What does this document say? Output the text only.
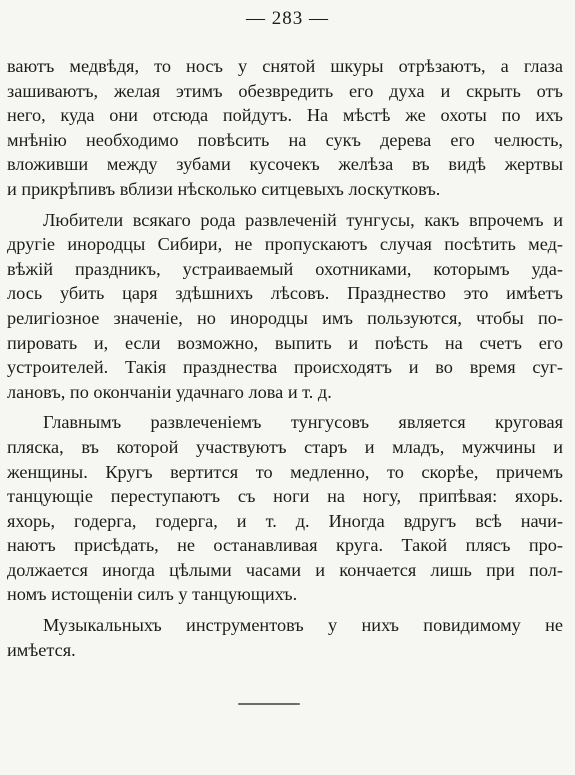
— 283 —
ваютъ медвѣдя, то носъ у снятой шкуры отрѣзаютъ, а глаза
зашиваютъ, желая этимъ обезвредить его духа и скрыть отъ
него, куда они отсюда пойдутъ. На мѣстѣ же охоты по ихъ
мнѣнію необходимо повѣсить на сукъ дерева его челюсть,
вложивши между зубами кусочекъ желѣза въ видѣ жертвы
и прикрѣпивъ вблизи нѣсколько ситцевыхъ лоскутковъ.
Любители всякаго рода развлеченій тунгусы, какъ впрочемъ и
другіе инородцы Сибири, не пропускаютъ случая посѣтить мед-
вѣжій праздникъ, устраиваемый охотниками, которымъ уда-
лось убить царя здѣшнихъ лѣсовъ. Празднество это имѣетъ
религіозное значеніе, но инородцы имъ пользуются, чтобы по-
пировать и, если возможно, выпить и поѣсть на счетъ его
устроителей. Такія празднества происходятъ и во время суг-
лановъ, по окончаніи удачнаго лова и т. д.
Главнымъ развлеченіемъ тунгусовъ является круговая
пляска, въ которой участвуютъ старъ и младъ, мужчины и
женщины. Кругъ вертится то медленно, то скорѣе, причемъ
танцующіе переступаютъ съ ноги на ногу, припѣвая: яхорь.
яхорь, годерга, годерга, и т. д. Иногда вдругъ всѣ начи-
наютъ присѣдать, не останавливая круга. Такой плясъ про-
должается иногда цѣлыми часами и кончается лишь при пол-
номъ истощеніи силъ у танцующихъ.
Музыкальныхъ инструментовъ у нихъ повидимому не
имѣется.
